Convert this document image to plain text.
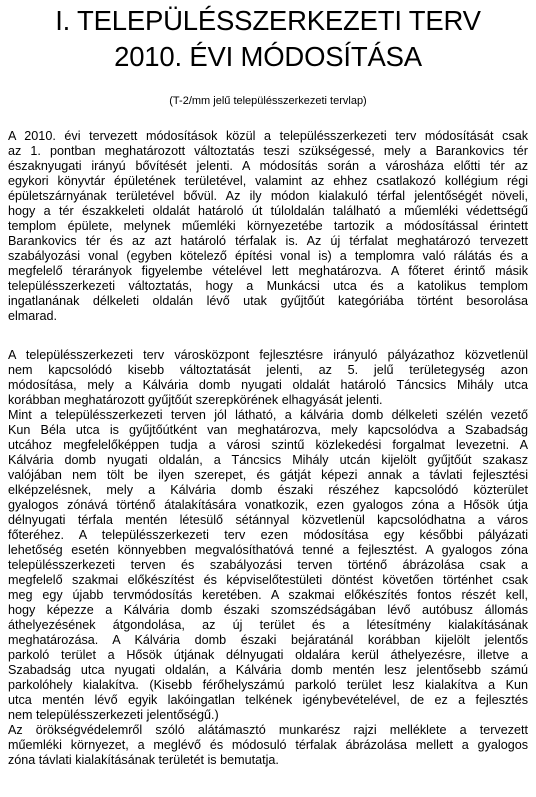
I. TELEPÜLÉSSZERKEZETI TERV
2010. ÉVI MÓDOSÍTÁSA
(T-2/mm jelű településszerkezeti tervlap)
A 2010. évi tervezett módosítások közül a településszerkezeti terv módosítását csak
az 1. pontban meghatározott változtatás teszi szükségessé, mely a Barankovics tér
északnyugati irányú bővítését jelenti. A módosítás során a városháza előtti tér az
egykori könyvtár épületének területével, valamint az ehhez csatlakozó kollégium régi
épületszárnyának területével bővül. Az ily módon kialakuló térfal jelentőségét növeli,
hogy a tér északkeleti oldalát határoló út túloldalán található a műemléki védettségű
templom épülete, melynek műemléki környezetébe tartozik a módosítással érintett
Barankovics tér és az azt határoló térfalak is. Az új térfalat meghatározó tervezett
szabályozási vonal (egyben kötelező építési vonal is) a templomra való rálátás és a
megfelelő térarányok figyelembe vételével lett meghatározva. A főteret érintő másik
településszerkezeti változtatás, hogy a Munkácsi utca és a katolikus templom
ingatlanának délkeleti oldalán lévő utak gyűjtőút kategóriába történt besorolása
elmarad.
A településszerkezeti terv városközpont fejlesztésre irányuló pályázathoz közvetlenül
nem kapcsolódó kisebb változtatását jelenti, az 5. jelű területegység azon
módosítása, mely a Kálvária domb nyugati oldalát határoló Táncsics Mihály utca
korábban meghatározott gyűjtőút szerepkörének elhagyását jelenti.
Mint a településszerkezeti terven jól látható, a kálvária domb délkeleti szélén vezető
Kun Béla utca is gyűjtőútként van meghatározva, mely kapcsolódva a Szabadság
utcához megfelelőképpen tudja a városi szintű közlekedési forgalmat levezetni. A
Kálvária domb nyugati oldalán, a Táncsics Mihály utcán kijelölt gyűjtőút szakasz
valójában nem tölt be ilyen szerepet, és gátját képezi annak a távlati fejlesztési
elképzelésnek, mely a Kálvária domb északi részéhez kapcsolódó közterület
gyalogos zónává történő átalakítására vonatkozik, ezen gyalogos zóna a Hősök útja
délnyugati térfala mentén létesülő sétánnyal közvetlenül kapcsolódhatna a város
főteréhez. A településszerkezeti terv ezen módosítása egy későbbi pályázati
lehetőség esetén könnyebben megvalósíthatóvá tenné a fejlesztést. A gyalogos zóna
településszerkezeti terven és szabályozási terven történő ábrázolása csak a
megfelelő szakmai előkészítést és képviselőtestületi döntést követően történhet csak
meg egy újabb tervmódosítás keretében. A szakmai előkészítés fontos részét kell,
hogy képezze a Kálvária domb északi szomszédságában lévő autóbusz állomás
áthelyezésének átgondolása, az új terület és a létesítmény kialakításának
meghatározása. A Kálvária domb északi bejáratánál korábban kijelölt jelentős
parkoló terület a Hősök útjának délnyugati oldalára kerül áthelyezésre, illetve a
Szabadság utca nyugati oldalán, a Kálvária domb mentén lesz jelentősebb számú
parkolóhely kialakítva. (Kisebb férőhelyszámú parkoló terület lesz kialakítva a Kun
utca mentén lévő egyik lakóingatlan telkének igénybevételével, de ez a fejlesztés
nem településszerkezeti jelentőségű.)
Az örökségvédelemről szóló alátámasztó munkarész rajzi melléklete a tervezett
műemléki környezet, a meglévő és módosuló térfalak ábrázolása mellett a gyalogos
zóna távlati kialakításának területét is bemutatja.
